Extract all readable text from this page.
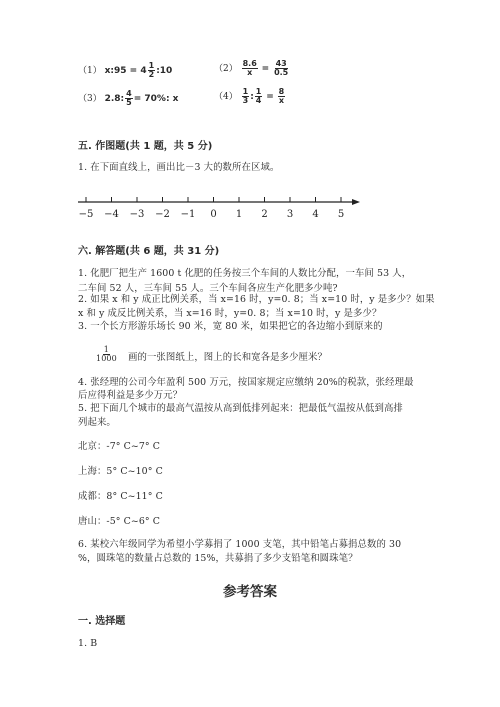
（1） x:95 = $4 \frac{1}{2}$ :10	$(2) \frac{8.6}{x} = \frac{43}{0.5}$
（3） 2.8: $\frac{4}{5} = 70\%$: x	$(4) \frac{1}{3}$ : $\frac{1}{4} = \frac{8}{x}$
五. 作图题(共 1 题，共 5 分)
1. 在下面直线上，画出比－3 大的数所在区域。
−5 −4 −3 −2 −1 0 1 2 3 4 5
六. 解答题(共 6 题，共 31 分)
1. 化肥厂把生产 1600 t 化肥的任务按三个车间的人数比分配，一车间 53 人，
二车间 52 人，三车间 55 人。三个车间各应生产化肥多少吨?
2. 如果 x 和 y 成正比例关系，当 x=16 时，y=0. 8；当 x=10 时，y 是多少？如果
x 和 y 成反比例关系，当 x=16 时，y=0. 8；当 x=10 时，y 是多少？
3. 一个长方形游乐场长 90 米，宽 80 米，如果把它的各边缩小到原来的
$\frac{1}{1000}$ 画的一张图纸上，图上的长和宽各是多少厘米？
4. 张经理的公司今年盈利 500 万元，按国家规定应缴纳 20%的税款，张经理最
后应得利益是多少万元？
5. 把下面几个城市的最高气温按从高到低排列起来：把最低气温按从低到高排
列起来。
北京：-7° C~7° C
上海：5° C~10° C
成都：8° C~11° C
唐山：-5° C~6° C
6. 某校六年级同学为希望小学募捐了 1000 支笔，其中铅笔占募捐总数的 30
%，圆珠笔的数量占总数的 15%，共募捐了多少支铅笔和圆珠笔？
参考答案
一. 选择题
1. B
